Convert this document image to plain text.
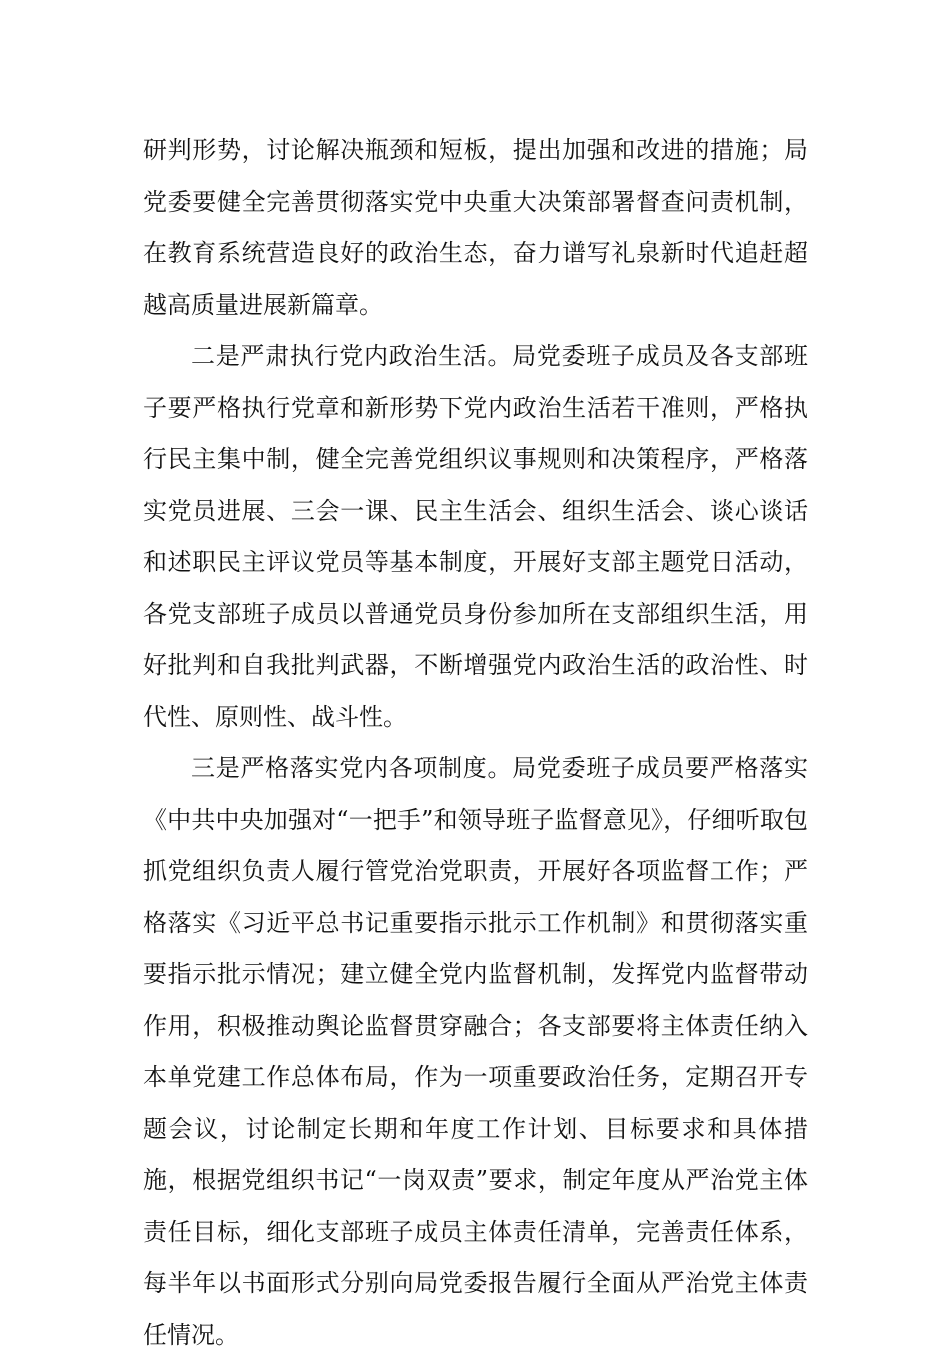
研判形势，讨论解决瓶颈和短板，提出加强和改进的措施；局党委要健全完善贯彻落实党中央重大决策部署督查问责机制，在教育系统营造良好的政治生态，奋力谱写礼泉新时代追赶超越高质量进展新篇章。

二是严肃执行党内政治生活。局党委班子成员及各支部班子要严格执行党章和新形势下党内政治生活若干准则，严格执行民主集中制，健全完善党组织议事规则和决策程序，严格落实党员进展、三会一课、民主生活会、组织生活会、谈心谈话和述职民主评议党员等基本制度，开展好支部主题党日活动，各党支部班子成员以普通党员身份参加所在支部组织生活，用好批判和自我批判武器，不断增强党内政治生活的政治性、时代性、原则性、战斗性。

三是严格落实党内各项制度。局党委班子成员要严格落实《中共中央加强对“一把手”和领导班子监督意见》，仔细听取包抓党组织负责人履行管党治党职责，开展好各项监督工作；严格落实《习近平总书记重要指示批示工作机制》和贯彻落实重要指示批示情况；建立健全党内监督机制，发挥党内监督带动作用，积极推动舆论监督贯穿融合；各支部要将主体责任纳入本单党建工作总体布局，作为一项重要政治任务，定期召开专题会议，讨论制定长期和年度工作计划、目标要求和具体措施，根据党组织书记“一岗双责”要求，制定年度从严治党主体责任目标，细化支部班子成员主体责任清单，完善责任体系，每半年以书面形式分别向局党委报告履行全面从严治党主体责任情况。
